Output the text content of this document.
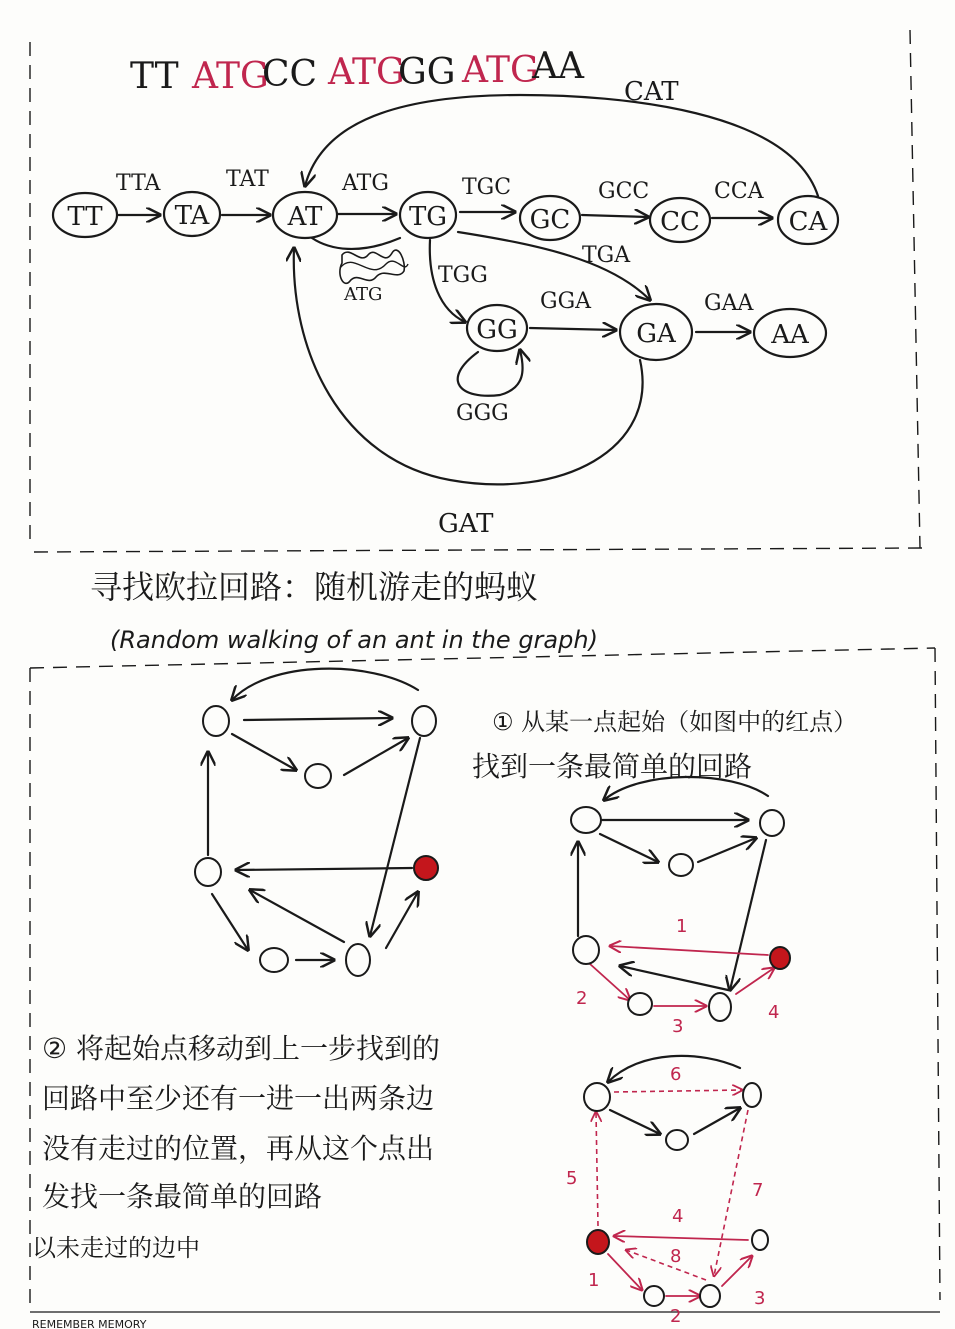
TT ATG
CC ATG
GG ATG
AA
TT	TA	AT	TG	GC	CC	CA
GG	GA	AA
TTA	TAT	ATG	TGC	GCC	CCA
CAT
TGA
TGG
GGA	GAA
GGG
GAT
ATG
寻找欧拉回路：随机游走的蚂蚁
(Random walking of an ant in the graph)
① 从某一点起始（如图中的红点）
找到一条最简单的回路
② 将起始点移动到上一步找到的
回路中至少还有一进一出两条边
没有走过的位置，再从这个点出
发找一条最简单的回路
以未走过的边中
1
2
3
4
1
2
3
4
5
6
7
8
REMEMBER MEMORY
